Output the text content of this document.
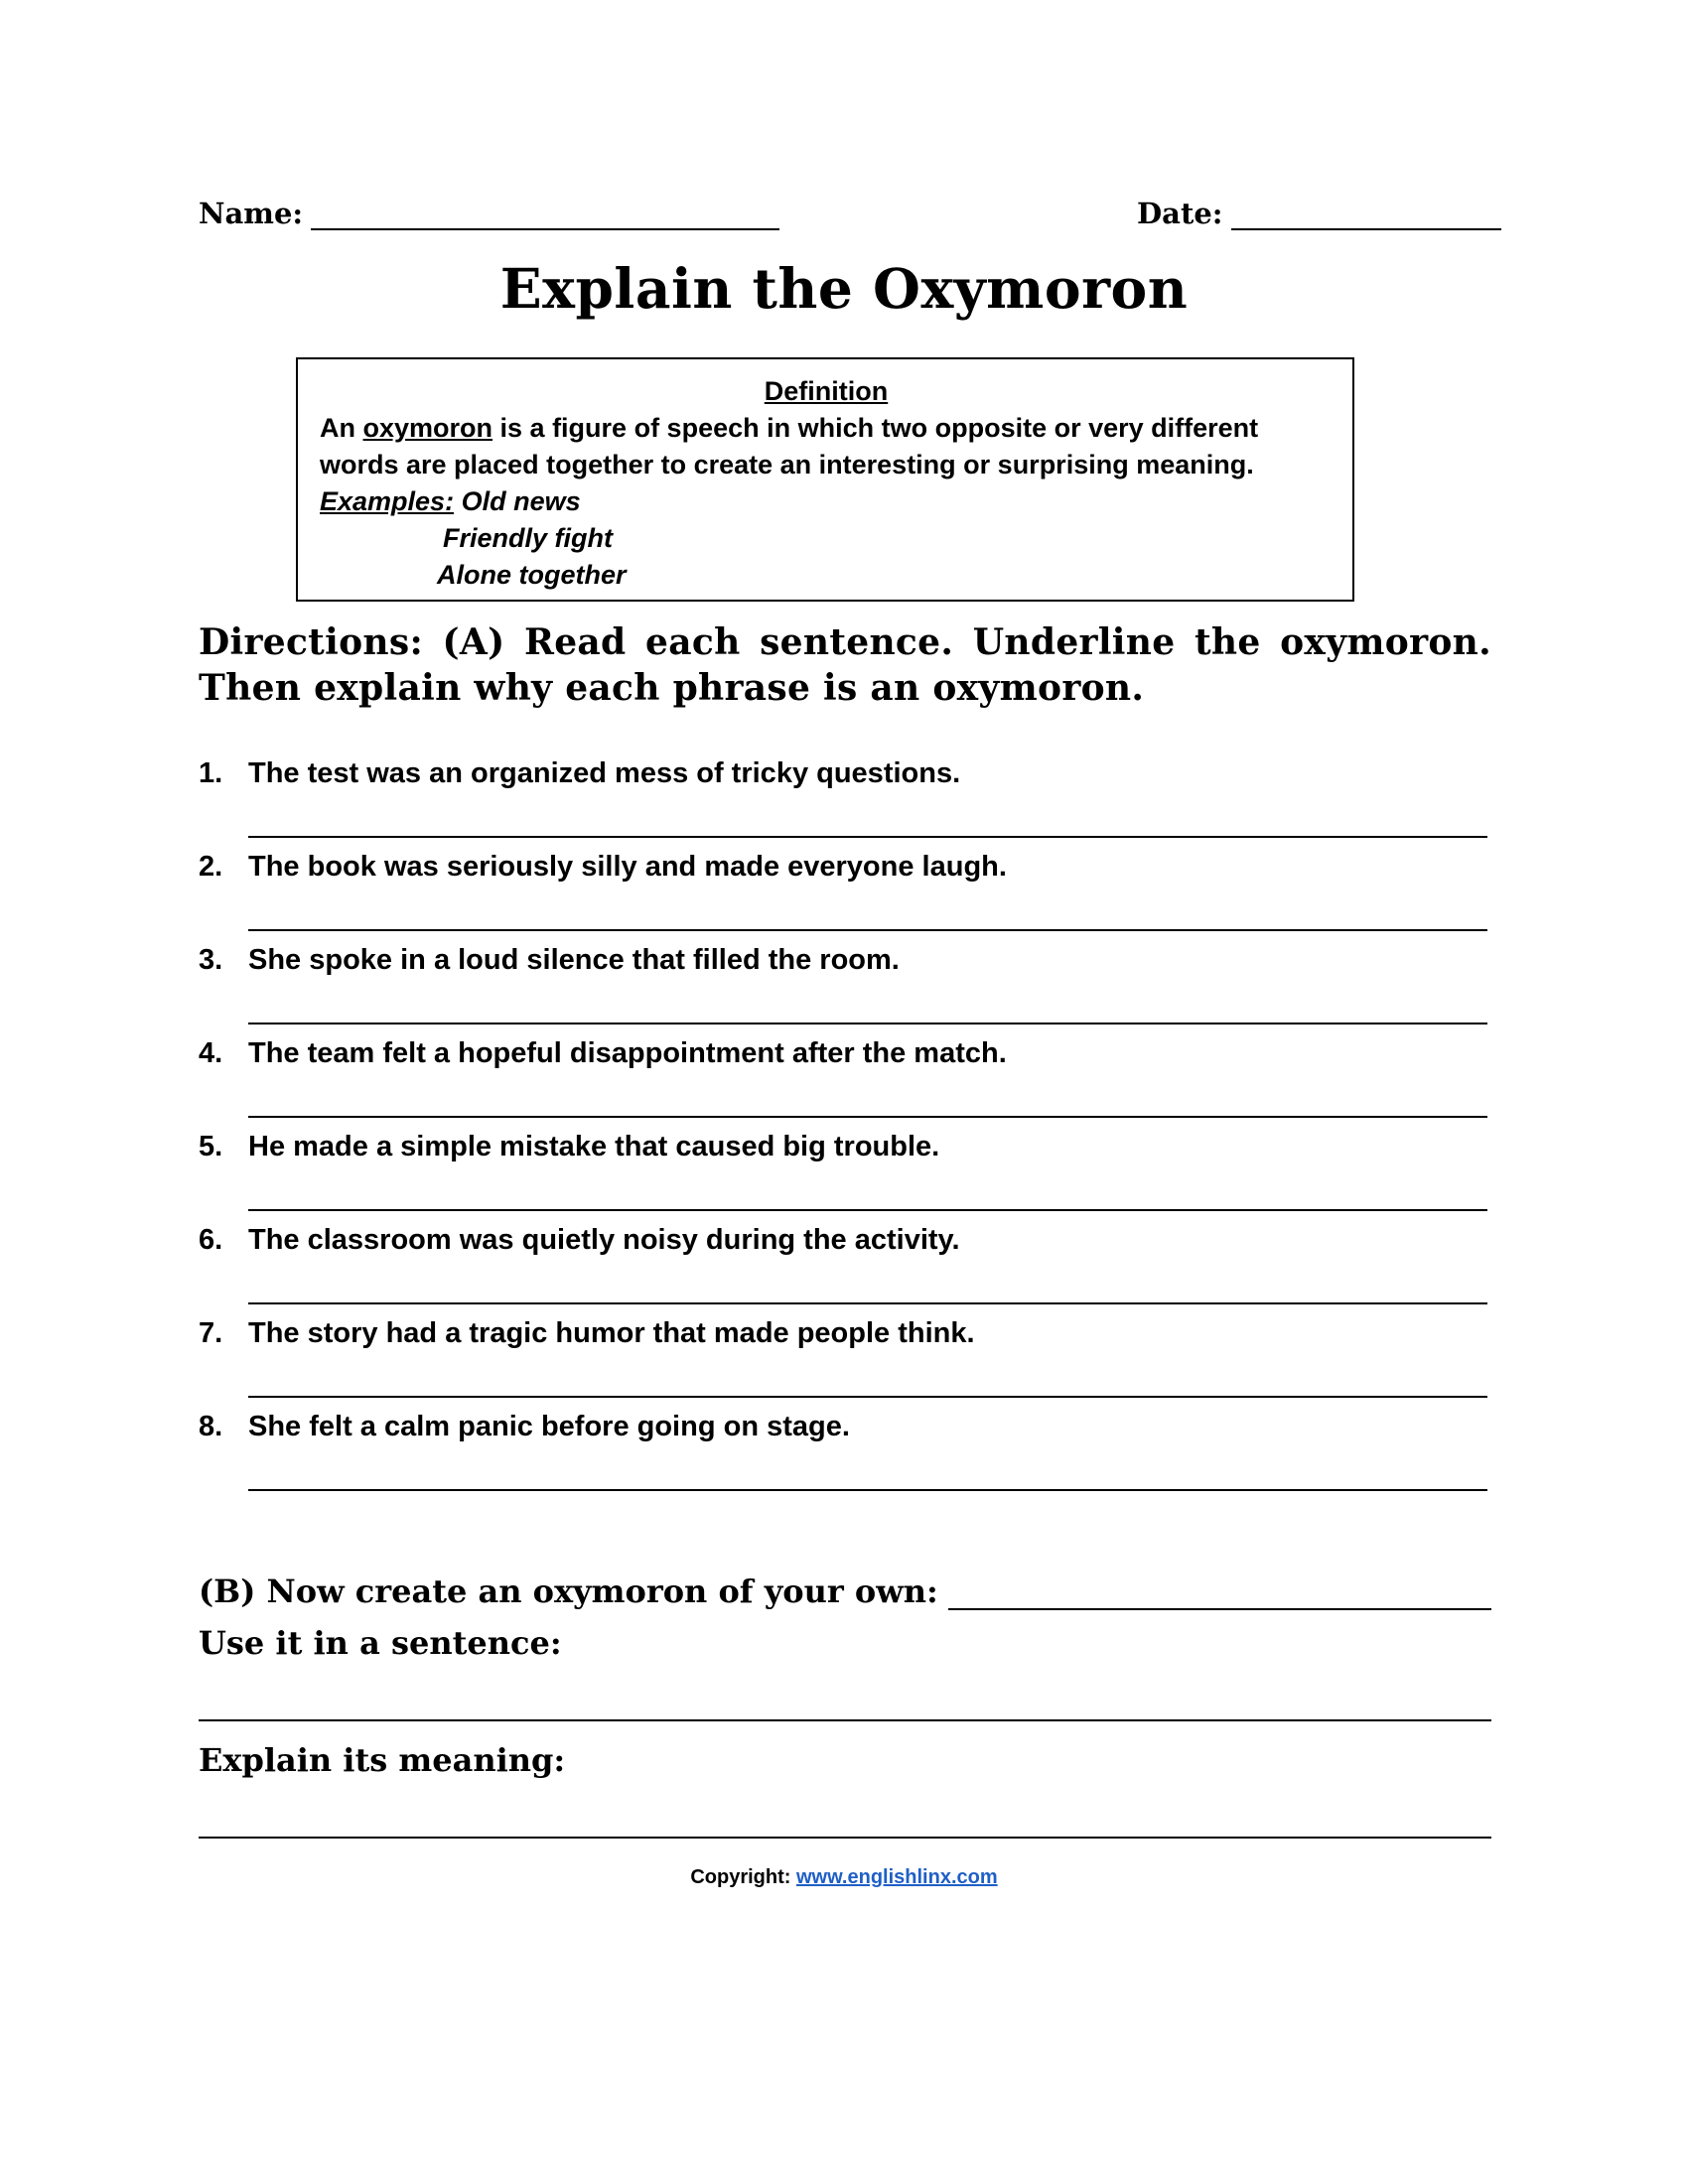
Name:	Date:
Explain the Oxymoron
Definition
An oxymoron is a figure of speech in which two opposite or very different words are placed together to create an interesting or surprising meaning.
Examples: Old news
Friendly fight
Alone together
Directions: (A) Read each sentence. Underline the oxymoron. Then explain why each phrase is an oxymoron.
1. The test was an organized mess of tricky questions.
2. The book was seriously silly and made everyone laugh.
3. She spoke in a loud silence that filled the room.
4. The team felt a hopeful disappointment after the match.
5. He made a simple mistake that caused big trouble.
6. The classroom was quietly noisy during the activity.
7. The story had a tragic humor that made people think.
8. She felt a calm panic before going on stage.
(B) Now create an oxymoron of your own:
Use it in a sentence:
Explain its meaning:
Copyright: www.englishlinx.com
